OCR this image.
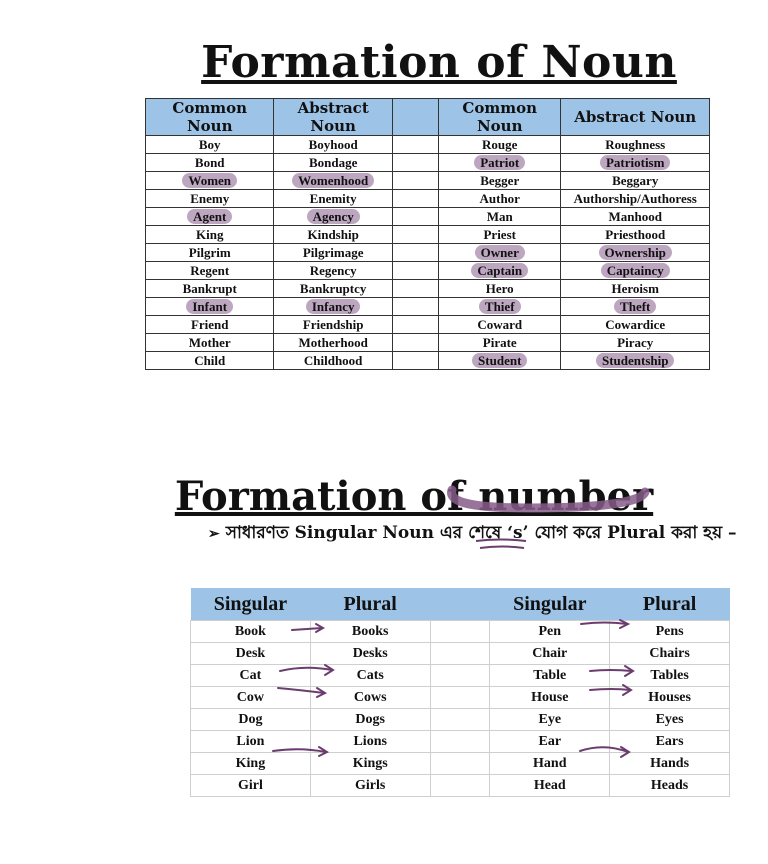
Formation of Noun
Common Noun	Abstract Noun		Common Noun	Abstract Noun
Boy	Boyhood		Rouge	Roughness
Bond	Bondage		Patriot	Patriotism
Women	Womenhood		Begger	Beggary
Enemy	Enemity		Author	Authorship/Authoress
Agent	Agency		Man	Manhood
King	Kindship		Priest	Priesthood
Pilgrim	Pilgrimage		Owner	Ownership
Regent	Regency		Captain	Captaincy
Bankrupt	Bankruptcy		Hero	Heroism
Infant	Infancy		Thief	Theft
Friend	Friendship		Coward	Cowardice
Mother	Motherhood		Pirate	Piracy
Child	Childhood		Student	Studentship
Formation of number
➢ সাধারণত Singular Noun এর শেষে ‘s’ যোগ করে Plural করা হয় –
Singular	Plural		Singular	Plural
Book	Books		Pen	Pens
Desk	Desks		Chair	Chairs
Cat	Cats		Table	Tables
Cow	Cows		House	Houses
Dog	Dogs		Eye	Eyes
Lion	Lions		Ear	Ears
King	Kings		Hand	Hands
Girl	Girls		Head	Heads
